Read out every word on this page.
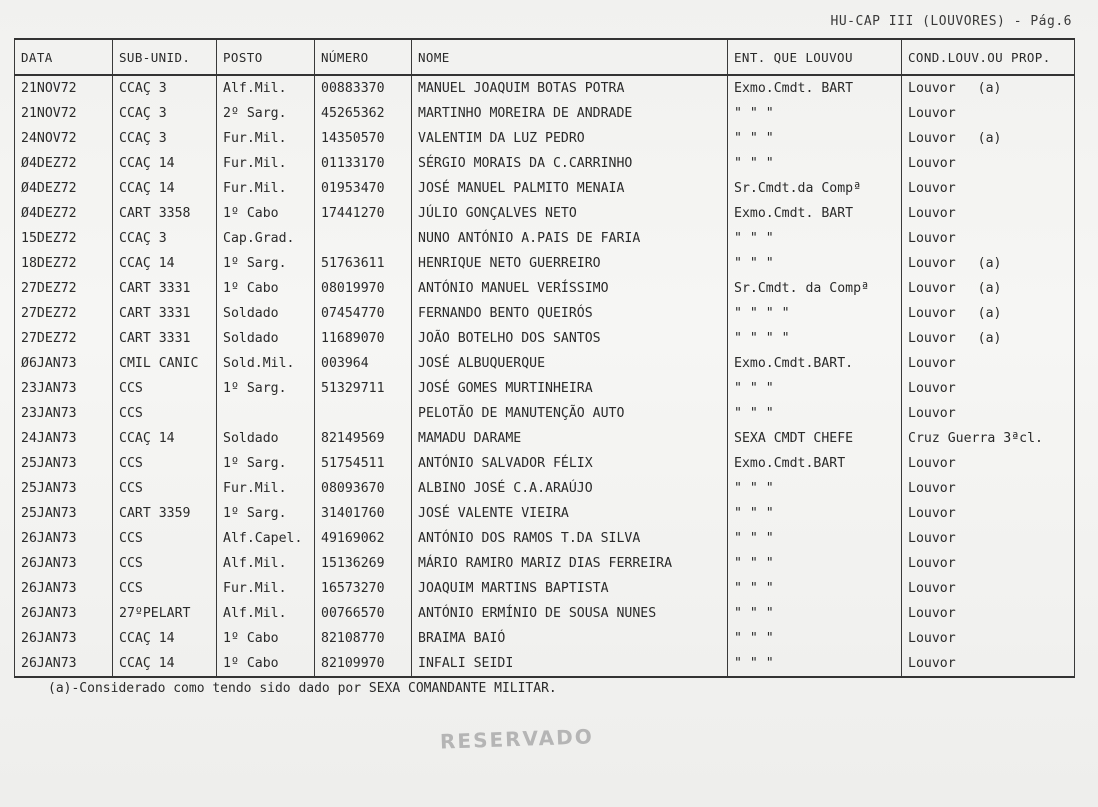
HU-CAP III (LOUVORES) - Pág.6
DATA	SUB-UNID.	POSTO	NÚMERO	NOME	ENT. QUE LOUVOU	COND.LOUV.OU PROP.
21NOV72	CCAÇ 3	Alf.Mil.	00883370	MANUEL JOAQUIM BOTAS POTRA	Exmo.Cmdt. BART	Louvor (a)
21NOV72	CCAÇ 3	2º Sarg.	45265362	MARTINHO MOREIRA DE ANDRADE	" " "	Louvor
24NOV72	CCAÇ 3	Fur.Mil.	14350570	VALENTIM DA LUZ PEDRO	" " "	Louvor (a)
Ø4DEZ72	CCAÇ 14	Fur.Mil.	01133170	SÉRGIO MORAIS DA C.CARRINHO	" " "	Louvor
Ø4DEZ72	CCAÇ 14	Fur.Mil.	01953470	JOSÉ MANUEL PALMITO MENAIA	Sr.Cmdt.da Compª	Louvor
Ø4DEZ72	CART 3358	1º Cabo	17441270	JÚLIO GONÇALVES NETO	Exmo.Cmdt. BART	Louvor
15DEZ72	CCAÇ 3	Cap.Grad.		NUNO ANTÓNIO A.PAIS DE FARIA	" " "	Louvor
18DEZ72	CCAÇ 14	1º Sarg.	51763611	HENRIQUE NETO GUERREIRO	" " "	Louvor (a)
27DEZ72	CART 3331	1º Cabo	08019970	ANTÓNIO MANUEL VERÍSSIMO	Sr.Cmdt. da Compª	Louvor (a)
27DEZ72	CART 3331	Soldado	07454770	FERNANDO BENTO QUEIRÓS	" " " "	Louvor (a)
27DEZ72	CART 3331	Soldado	11689070	JOÃO BOTELHO DOS SANTOS	" " " "	Louvor (a)
Ø6JAN73	CMIL CANIC	Sold.Mil.	003964	JOSÉ ALBUQUERQUE	Exmo.Cmdt.BART.	Louvor
23JAN73	CCS	1º Sarg.	51329711	JOSÉ GOMES MURTINHEIRA	" " "	Louvor
23JAN73	CCS			PELOTÃO DE MANUTENÇÃO AUTO	" " "	Louvor
24JAN73	CCAÇ 14	Soldado	82149569	MAMADU DARAME	SEXA CMDT CHEFE	Cruz Guerra 3ªcl.
25JAN73	CCS	1º Sarg.	51754511	ANTÓNIO SALVADOR FÉLIX	Exmo.Cmdt.BART	Louvor
25JAN73	CCS	Fur.Mil.	08093670	ALBINO JOSÉ C.A.ARAÚJO	" " "	Louvor
25JAN73	CART 3359	1º Sarg.	31401760	JOSÉ VALENTE VIEIRA	" " "	Louvor
26JAN73	CCS	Alf.Capel.	49169062	ANTÓNIO DOS RAMOS T.DA SILVA	" " "	Louvor
26JAN73	CCS	Alf.Mil.	15136269	MÁRIO RAMIRO MARIZ DIAS FERREIRA	" " "	Louvor
26JAN73	CCS	Fur.Mil.	16573270	JOAQUIM MARTINS BAPTISTA	" " "	Louvor
26JAN73	27ºPELART	Alf.Mil.	00766570	ANTÓNIO ERMÍNIO DE SOUSA NUNES	" " "	Louvor
26JAN73	CCAÇ 14	1º Cabo	82108770	BRAIMA BAIÓ	" " "	Louvor
26JAN73	CCAÇ 14	1º Cabo	82109970	INFALI SEIDI	" " "	Louvor
(a)-Considerado como tendo sido dado por SEXA COMANDANTE MILITAR.
RESERVADO
